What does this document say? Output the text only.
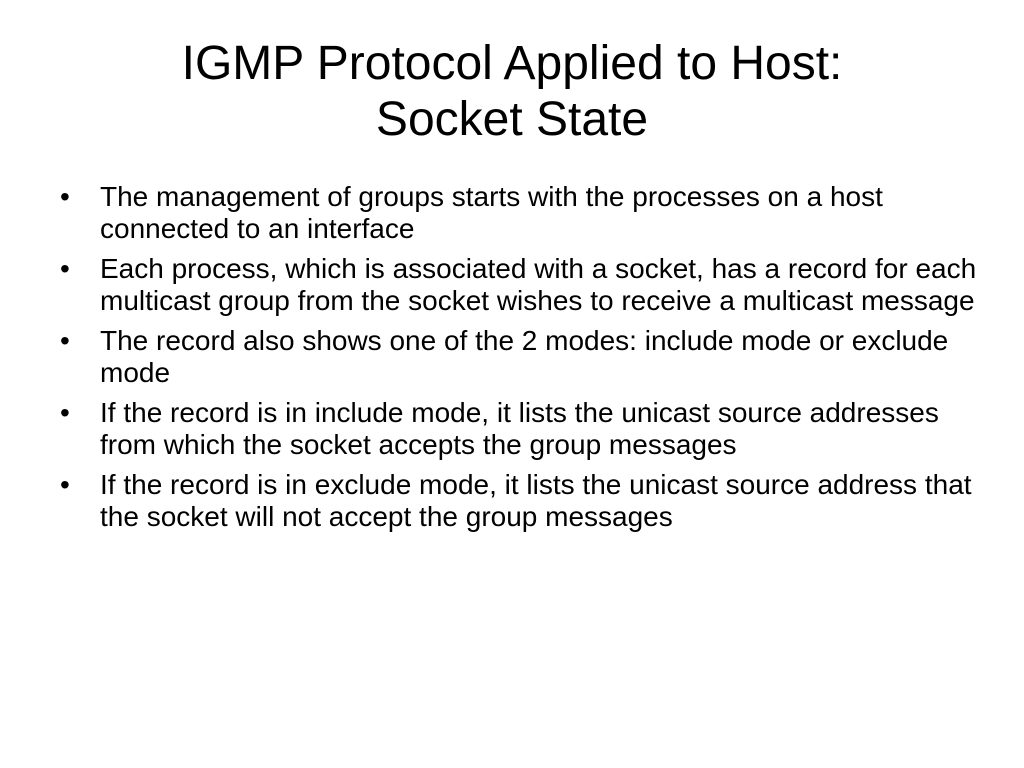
IGMP Protocol Applied to Host:
Socket State
•	The management of groups starts with the processes on a host connected to an interface
•	Each process, which is associated with a socket, has a record for each multicast group from the socket wishes to receive a multicast message
•	The record also shows one of the 2 modes: include mode or exclude mode
•	If the record is in include mode, it lists the unicast source addresses from which the socket accepts the group messages
•	If the record is in exclude mode, it lists the unicast source address that the socket will not accept the group messages
